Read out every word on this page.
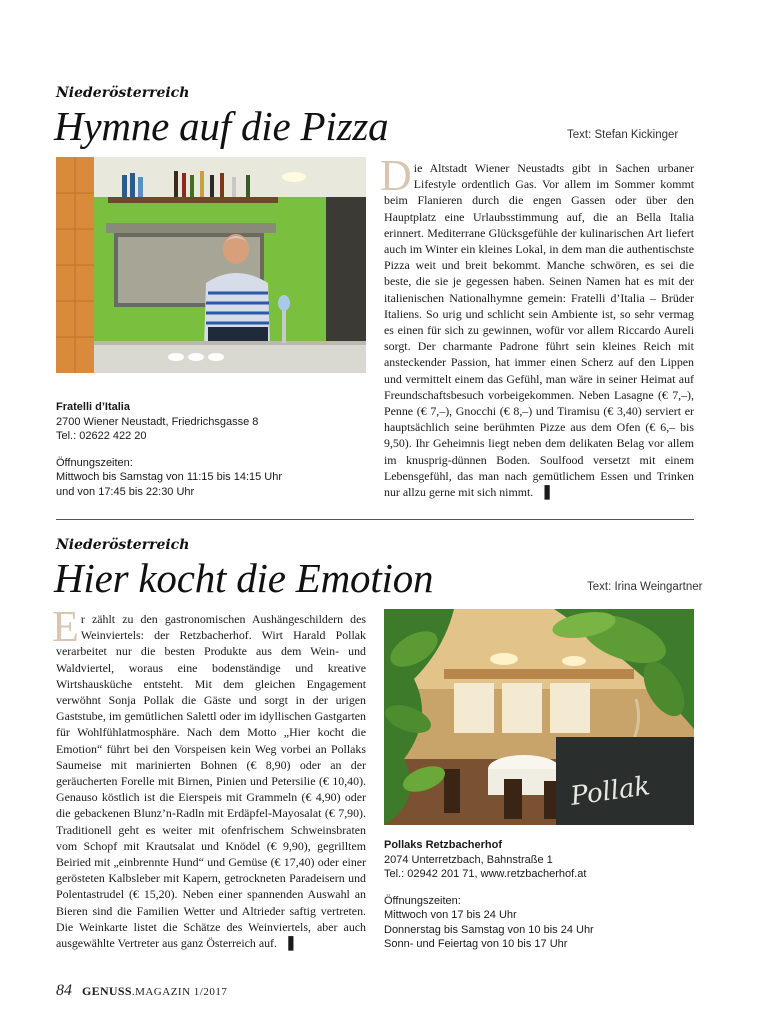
Niederösterreich
Hymne auf die Pizza	Text: Stefan Kickinger
Die Altstadt Wiener Neustadts gibt in Sachen urbaner Lifestyle ordentlich Gas. Vor allem im Sommer kommt beim Flanieren durch die engen Gassen oder über den Hauptplatz eine Urlaubsstimmung auf, die an Bella Italia erinnert. Mediterrane Glücksgefühle der kulinarischen Art liefert auch im Winter ein kleines Lokal, in dem man die authentischste Pizza weit und breit bekommt. Manche schwören, es sei die beste, die sie je gegessen haben. Seinen Namen hat es mit der italienischen Nationalhymne gemein: Fratelli d’Italia – Brüder Italiens. So urig und schlicht sein Ambiente ist, so sehr vermag es einen für sich zu gewinnen, wofür vor allem Riccardo Aureli sorgt. Der charmante Padrone führt sein kleines Reich mit ansteckender Passion, hat immer einen Scherz auf den Lippen und vermittelt einem das Gefühl, man wäre in seiner Heimat auf Freundschaftsbesuch vorbeigekommen. Neben Lasagne (€ 7,–), Penne (€ 7,–), Gnocchi (€ 8,–) und Tiramisu (€ 3,40) serviert er hauptsächlich seine berühmten Pizze aus dem Ofen (€ 6,– bis 9,50). Ihr Geheimnis liegt neben dem delikaten Belag vor allem im knusprig-dünnen Boden. Soulfood versetzt mit einem Lebensgefühl, das man nach gemütlichem Essen und Trinken nur allzu gerne mit sich nimmt. ❚
Fratelli d’Italia
2700 Wiener Neustadt, Friedrichsgasse 8
Tel.: 02622 422 20
Öffnungszeiten:
Mittwoch bis Samstag von 11:15 bis 14:15 Uhr
und von 17:45 bis 22:30 Uhr
Niederösterreich
Hier kocht die Emotion	Text: Irina Weingartner
Er zählt zu den gastronomischen Aushängeschildern des Weinviertels: der Retzbacherhof. Wirt Harald Pollak verarbeitet nur die besten Produkte aus dem Wein- und Waldviertel, woraus eine bodenständige und kreative Wirtshausküche entsteht. Mit dem gleichen Engagement verwöhnt Sonja Pollak die Gäste und sorgt in der urigen Gaststube, im gemütlichen Salettl oder im idyllischen Gastgarten für Wohlfühlatmosphäre. Nach dem Motto „Hier kocht die Emotion“ führt bei den Vorspeisen kein Weg vorbei an Pollaks Saumeise mit marinierten Bohnen (€ 8,90) oder an der geräucherten Forelle mit Birnen, Pinien und Petersilie (€ 10,40). Genauso köstlich ist die Eierspeis mit Grammeln (€ 4,90) oder die gebackenen Blunz’n-Radln mit Erdäpfel-Mayosalat (€ 7,90). Traditionell geht es weiter mit ofenfrischem Schweinsbraten vom Schopf mit Krautsalat und Knödel (€ 9,90), gegrilltem Beiried mit „einbrennte Hund“ und Gemüse (€ 17,40) oder einer gerösteten Kalbsleber mit Kapern, getrockneten Paradeisern und Polentastrudel (€ 15,20). Neben einer spannenden Auswahl an Bieren sind die Familien Wetter und Altrieder saftig vertreten. Die Weinkarte listet die Schätze des Weinviertels, aber auch ausgewählte Vertreter aus ganz Österreich auf. ❚
Pollak
Pollaks Retzbacherhof
2074 Unterretzbach, Bahnstraße 1
Tel.: 02942 201 71, www.retzbacherhof.at
Öffnungszeiten:
Mittwoch von 17 bis 24 Uhr
Donnerstag bis Samstag von 10 bis 24 Uhr
Sonn- und Feiertag von 10 bis 17 Uhr
84 GENUSS.MAGAZIN 1/2017
